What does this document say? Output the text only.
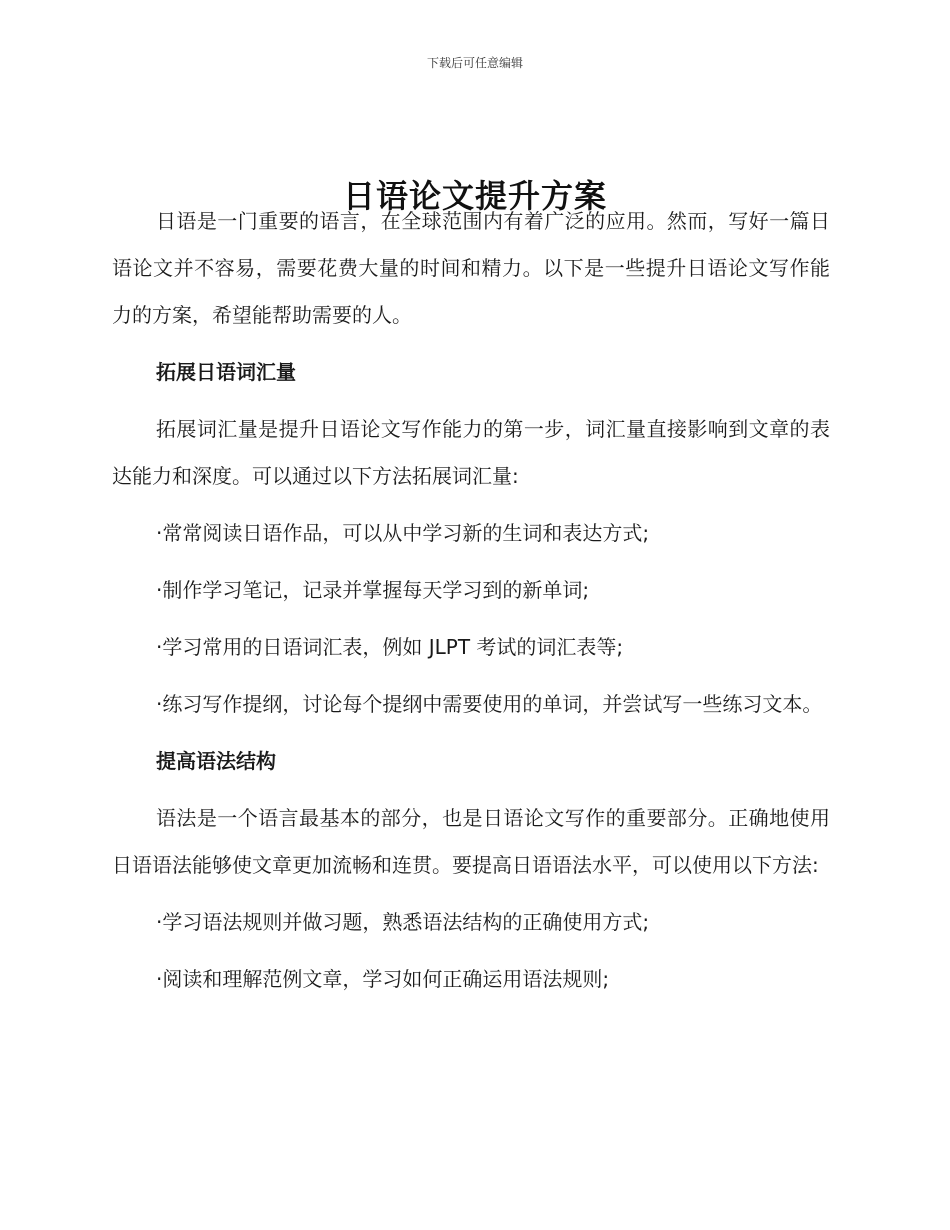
下载后可任意编辑
日语论文提升方案

日语是一门重要的语言，在全球范围内有着广泛的应用。然而，写好一篇日语论文并不容易，需要花费大量的时间和精力。以下是一些提升日语论文写作能力的方案，希望能帮助需要的人。

拓展日语词汇量

拓展词汇量是提升日语论文写作能力的第一步，词汇量直接影响到文章的表达能力和深度。可以通过以下方法拓展词汇量:

·常常阅读日语作品，可以从中学习新的生词和表达方式;

·制作学习笔记，记录并掌握每天学习到的新单词;

·学习常用的日语词汇表，例如 JLPT 考试的词汇表等;

·练习写作提纲，讨论每个提纲中需要使用的单词，并尝试写一些练习文本。

提高语法结构

语法是一个语言最基本的部分，也是日语论文写作的重要部分。正确地使用日语语法能够使文章更加流畅和连贯。要提高日语语法水平，可以使用以下方法:

·学习语法规则并做习题，熟悉语法结构的正确使用方式;

·阅读和理解范例文章，学习如何正确运用语法规则;
